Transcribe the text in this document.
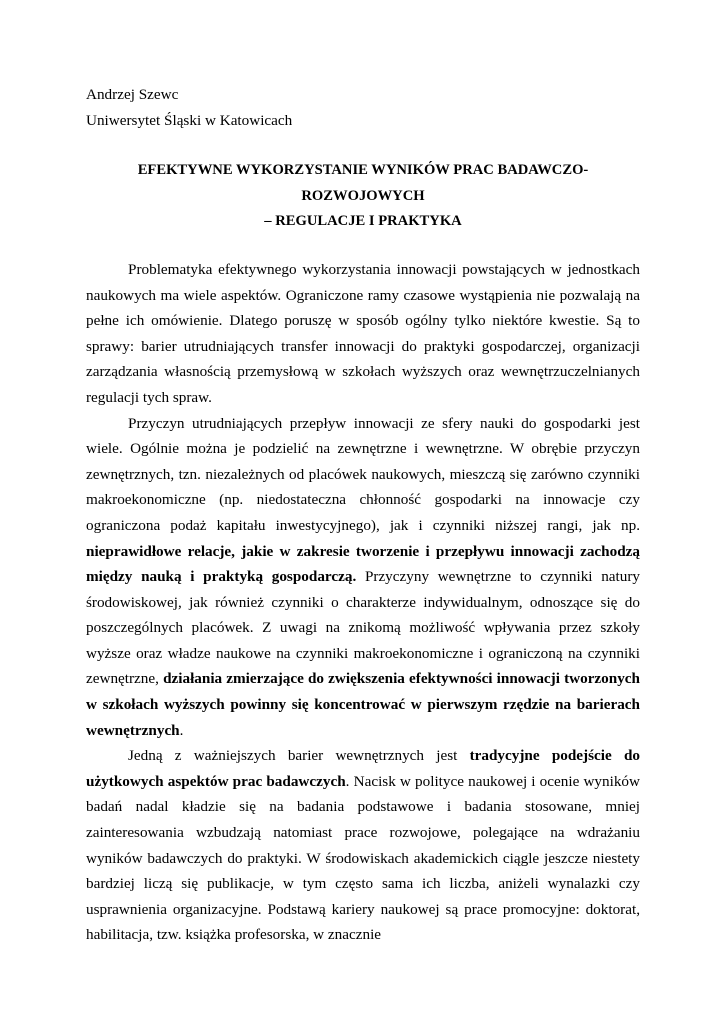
Andrzej Szewc

Uniwersytet Śląski w Katowicach

EFEKTYWNE WYKORZYSTANIE WYNIKÓW PRAC BADAWCZO-
ROZWOJOWYCH
– REGULACJE I PRAKTYKA

Problematyka efektywnego wykorzystania innowacji powstających w jednostkach naukowych ma wiele aspektów. Ograniczone ramy czasowe wystąpienia nie pozwalają na pełne ich omówienie. Dlatego poruszę w sposób ogólny tylko niektóre kwestie. Są to sprawy: barier utrudniających transfer innowacji do praktyki gospodarczej, organizacji zarządzania własnością przemysłową w szkołach wyższych oraz wewnętrzuczelnianych regulacji tych spraw.

Przyczyn utrudniających przepływ innowacji ze sfery nauki do gospodarki jest wiele. Ogólnie można je podzielić na zewnętrzne i wewnętrzne. W obrębie przyczyn zewnętrznych, tzn. niezależnych od placówek naukowych, mieszczą się zarówno czynniki makroekonomiczne (np. niedostateczna chłonność gospodarki na innowacje czy ograniczona podaż kapitału inwestycyjnego), jak i czynniki niższej rangi, jak np. nieprawidłowe relacje, jakie w zakresie tworzenie i przepływu innowacji zachodzą między nauką i praktyką gospodarczą. Przyczyny wewnętrzne to czynniki natury środowiskowej, jak również czynniki o charakterze indywidualnym, odnoszące się do poszczególnych placówek. Z uwagi na znikomą możliwość wpływania przez szkoły wyższe oraz władze naukowe na czynniki makroekonomiczne i ograniczoną na czynniki zewnętrzne, działania zmierzające do zwiększenia efektywności innowacji tworzonych w szkołach wyższych powinny się koncentrować w pierwszym rzędzie na barierach wewnętrznych.

Jedną z ważniejszych barier wewnętrznych jest tradycyjne podejście do użytkowych aspektów prac badawczych. Nacisk w polityce naukowej i ocenie wyników badań nadal kładzie się na badania podstawowe i badania stosowane, mniej zainteresowania wzbudzają natomiast prace rozwojowe, polegające na wdrażaniu wyników badawczych do praktyki. W środowiskach akademickich ciągle jeszcze niestety bardziej liczą się publikacje, w tym często sama ich liczba, aniżeli wynalazki czy usprawnienia organizacyjne. Podstawą kariery naukowej są prace promocyjne: doktorat, habilitacja, tzw. książka profesorska, w znacznie
